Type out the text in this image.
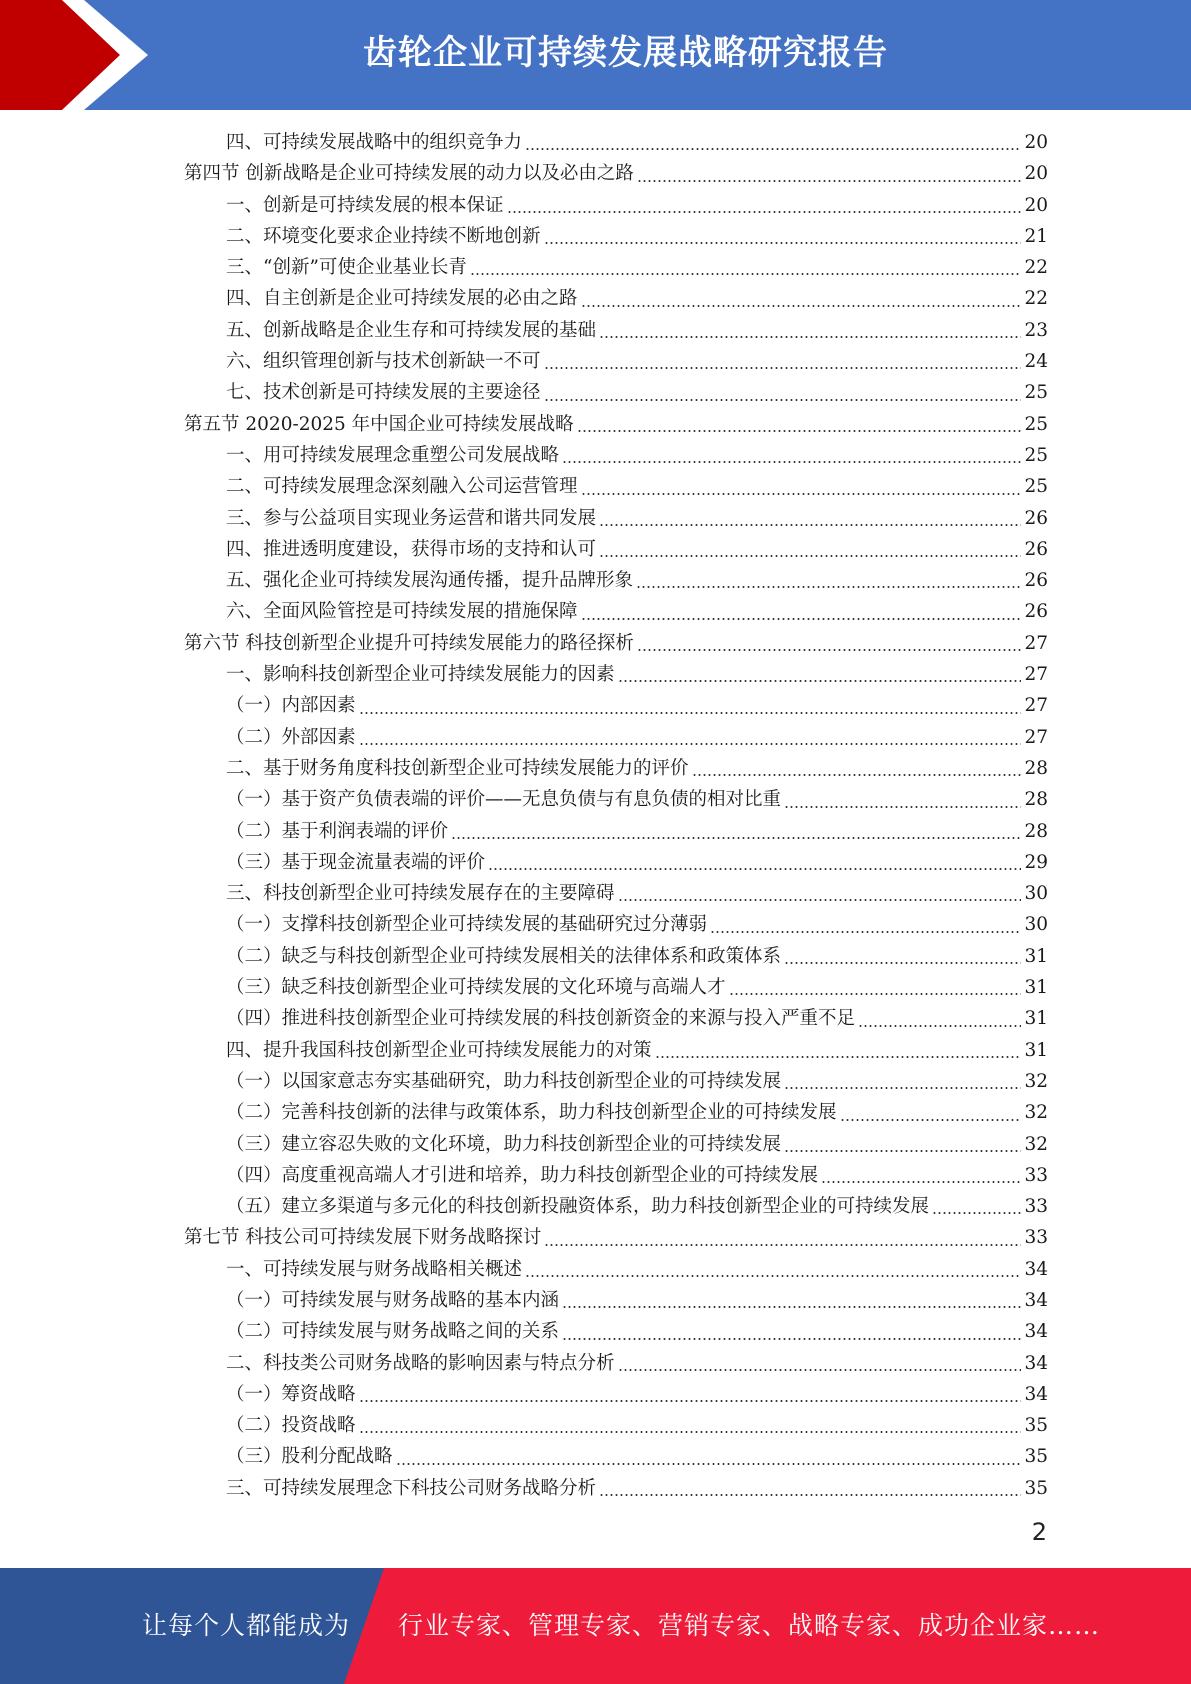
齿轮企业可持续发展战略研究报告
四、可持续发展战略中的组织竞争力	20
第四节 创新战略是企业可持续发展的动力以及必由之路	20
一、创新是可持续发展的根本保证	20
二、环境变化要求企业持续不断地创新	21
三、“创新”可使企业基业长青	22
四、自主创新是企业可持续发展的必由之路	22
五、创新战略是企业生存和可持续发展的基础	23
六、组织管理创新与技术创新缺一不可	24
七、技术创新是可持续发展的主要途径	25
第五节 2020-2025 年中国企业可持续发展战略	25
一、用可持续发展理念重塑公司发展战略	25
二、可持续发展理念深刻融入公司运营管理	25
三、参与公益项目实现业务运营和谐共同发展	26
四、推进透明度建设，获得市场的支持和认可	26
五、强化企业可持续发展沟通传播，提升品牌形象	26
六、全面风险管控是可持续发展的措施保障	26
第六节 科技创新型企业提升可持续发展能力的路径探析	27
一、影响科技创新型企业可持续发展能力的因素	27
（一）内部因素	27
（二）外部因素	27
二、基于财务角度科技创新型企业可持续发展能力的评价	28
（一）基于资产负债表端的评价——无息负债与有息负债的相对比重	28
（二）基于利润表端的评价	28
（三）基于现金流量表端的评价	29
三、科技创新型企业可持续发展存在的主要障碍	30
（一）支撑科技创新型企业可持续发展的基础研究过分薄弱	30
（二）缺乏与科技创新型企业可持续发展相关的法律体系和政策体系	31
（三）缺乏科技创新型企业可持续发展的文化环境与高端人才	31
（四）推进科技创新型企业可持续发展的科技创新资金的来源与投入严重不足	31
四、提升我国科技创新型企业可持续发展能力的对策	31
（一）以国家意志夯实基础研究，助力科技创新型企业的可持续发展	32
（二）完善科技创新的法律与政策体系，助力科技创新型企业的可持续发展	32
（三）建立容忍失败的文化环境，助力科技创新型企业的可持续发展	32
（四）高度重视高端人才引进和培养，助力科技创新型企业的可持续发展	33
（五）建立多渠道与多元化的科技创新投融资体系，助力科技创新型企业的可持续发展	33
第七节 科技公司可持续发展下财务战略探讨	33
一、可持续发展与财务战略相关概述	34
（一）可持续发展与财务战略的基本内涵	34
（二）可持续发展与财务战略之间的关系	34
二、科技类公司财务战略的影响因素与特点分析	34
（一）筹资战略	34
（二）投资战略	35
（三）股利分配战略	35
三、可持续发展理念下科技公司财务战略分析	35
2
让每个人都能成为 行业专家、管理专家、营销专家、战略专家、成功企业家……
